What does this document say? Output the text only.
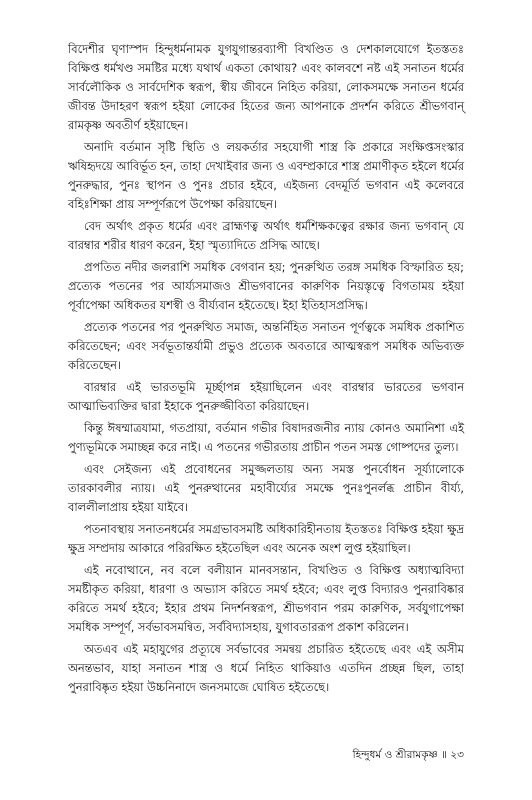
বিদেশীর ঘৃণাস্পদ হিন্দুধর্মনামক যুগযুগান্তরব্যাপী বিখণ্ডিত ও দেশকালযোগে ইতস্ততঃ বিক্ষিপ্ত ধর্মখণ্ড সমষ্টির মধ্যে যথার্থ একতা কোথায়? এবং কালবশে নষ্ট এই সনাতন ধর্মের সার্বলৌকিক ও সার্বদেশিক স্বরূপ, স্বীয় জীবনে নিহিত করিয়া, লোকসমক্ষে সনাতন ধর্মের জীবন্ত উদাহরণ স্বরূপ হইয়া লোকের হিতের জন্য আপনাকে প্রদর্শন করিতে শ্রীভগবান্ রামকৃষ্ণ অবতীর্ণ হইয়াছেন।

অনাদি বর্তমান সৃষ্টি স্থিতি ও লয়কর্তার সহযোগী শাস্ত্র কি প্রকারে সংক্ষিপ্তসংস্কার ঋষিহৃদয়ে আবির্ভূত হন, তাহা দেখাইবার জন্য ও এবম্প্রকারে শাস্ত্র প্রমাণীকৃত হইলে ধর্মের পুনরুদ্ধার, পুনঃ স্থাপন ও পুনঃ প্রচার হইবে, এইজন্য বেদমূর্তি ভগবান এই কলেবরে বহিঃশিক্ষা প্রায় সম্পূর্ণরূপে উপেক্ষা করিয়াছেন।

বেদ অর্থাৎ প্রকৃত ধর্মের এবং ব্রাহ্মণত্ব অর্থাৎ ধর্মশিক্ষকত্বের রক্ষার জন্য ভগবান্ যে বারম্বার শরীর ধারণ করেন, ইহা স্মৃত্যাদিতে প্রসিদ্ধ আছে।

প্রপতিত নদীর জলরাশি সমধিক বেগবান হয়; পুনরুত্থিত তরঙ্গ সমধিক বিস্ফারিত হয়; প্রত্যেক পতনের পর আর্য্যসমাজও শ্রীভগবানের কারুণিক নিয়স্তৃত্বে বিগতাময় হইয়া পূর্বাপেক্ষা অধিকতর যশস্বী ও বীর্য্যবান হইতেছে। ইহা ইতিহাসপ্রসিদ্ধ।

প্রত্যেক পতনের পর পুনরুত্থিত সমাজ, অন্তর্নিহিত সনাতন পূর্ণত্বকে সমধিক প্রকাশিত করিতেছেন; এবং সর্বভূতান্তর্যামী প্রভুও প্রত্যেক অবতারে আত্মস্বরূপ সমধিক অভিব্যক্ত করিতেছেন।

বারম্বার এই ভারতভূমি মূর্চ্ছাপন্ন হইয়াছিলেন এবং বারম্বার ভারতের ভগবান আত্মাভিব্যক্তির দ্বারা ইহাকে পুনরুজ্জীবিতা করিয়াছেন।

কিন্তু ঈষম্মাত্রযামা, গতপ্রায়া, বর্তমান গভীর বিষাদরজনীর ন্যায় কোনও অমানিশা এই পুণ্যভূমিকে সমাচ্ছন্ন করে নাই। এ পতনের গভীরতায় প্রাচীন পতন সমস্ত গোষ্পদের তুল্য।

এবং সেইজন্য এই প্রবোধনের সমুজ্জলতায় অন্য সমস্ত পুনর্বোধন সূর্য্যালোকে তারকাবলীর ন্যায়। এই পুনরুত্থানের মহাবীর্য্যের সমক্ষে পুনঃপুনর্লব্ধ প্রাচীন বীর্য্য, বাললীলাপ্রায় হইয়া যাইবে।

পতনাবস্থায় সনাতনধর্মের সমগ্রভাবসমষ্টি অধিকারিহীনতায় ইতস্ততঃ বিক্ষিপ্ত হইয়া ক্ষুদ্র ক্ষুদ্র সম্প্রদায় আকারে পরিরক্ষিত হইতেছিল এবং অনেক অংশ লুপ্ত হইয়াছিল।

এই নবোত্থানে, নব বলে বলীয়ান মানবসন্তান, বিখণ্ডিত ও বিক্ষিপ্ত অধ্যাত্মবিদ্যা সমষ্টীকৃত করিয়া, ধারণা ও অভ্যাস করিতে সমর্থ হইবে; এবং লুপ্ত বিদ্যারও পুনরাবিষ্কার করিতে সমর্থ হইবে; ইহার প্রথম নিদর্শনস্বরূপ, শ্রীভগবান পরম কারুণিক, সর্বযুগাপেক্ষা সমধিক সম্পূর্ণ, সর্বভাবসমন্বিত, সর্ববিদ্যাসহায়, যুগাবতাররূপ প্রকাশ করিলেন।

অতএব এই মহাযুগের প্রত্যূষে সর্বভাবের সমন্বয় প্রচারিত হইতেছে এবং এই অসীম অনন্তভাব, যাহা সনাতন শাস্ত্র ও ধর্মে নিহিত থাকিয়াও এতদিন প্রচ্ছন্ন ছিল, তাহা পুনরাবিষ্কৃত হইয়া উচ্চনিনাদে জনসমাজে ঘোষিত হইতেছে।

হিন্দুধর্ম ও শ্রীরামকৃষ্ণ ॥ ২৩
